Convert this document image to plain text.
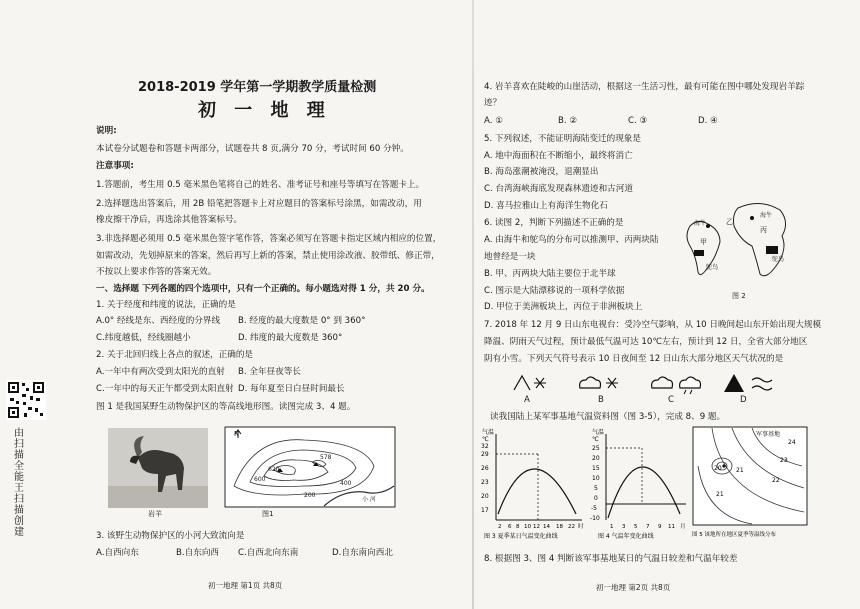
2018-2019 学年第一学期教学质量检测
初 一 地 理
说明:
本试卷分试题卷和答题卡两部分，试题卷共 8 页,满分 70 分，考试时间 60 分钟。
注意事项:
1.答题前，考生用 0.5 毫米黑色笔将自己的姓名、准考证号和座号等填写在答题卡上。
2.选择题选出答案后，用 2B 铅笔把答题卡上对应题目的答案标号涂黑，如需改动，用
橡皮擦干净后，再选涂其他答案标号。
3.非选择题必须用 0.5 毫米黑色签字笔作答，答案必须写在答题卡指定区域内相应的位置，
如需改动，先划掉原来的答案，然后再写上新的答案，禁止使用涂改液、胶带纸、修正带，
不按以上要求作答的答案无效。
一、选择题 下列各题的四个选项中，只有一个正确的。每小题选对得 1 分，共 20 分。
1. 关于经度和纬度的说法，正确的是
A.0° 经线是东、西经度的分界线 B. 经度的最大度数是 0° 到 360°
C.纬度越低，经线圈越小	D. 纬度的最大度数是 360°
2. 关于北回归线上各点的叙述，正确的是
A.一年中有两次受到太阳光的直射 B. 全年昼夜等长
C.一年中的每天正午都受到太阳直射 D. 每年夏至日白昼时间最长
图 1 是我国某野生动物保护区的等高线地形图。读图完成 3、4 题。
岩羊
N
620
578
600
400
200
小 河
图1
3. 该野生动物保护区的小河大致流向是
A.自西向东	B.自东向西 C.自西北向东南	D.自东南向西北
初一地理 第1页 共8页
由 扫描全能王 扫描创建
4. 岩羊喜欢在陡峻的山崖活动，根据这一生活习性，最有可能在图中哪处发现岩羊踪
迹？
A. ①	B. ②	C. ③	D. ④
5. 下列叙述，不能证明海陆变迁的现象是
A. 地中海面积在不断缩小，最终将消亡
B. 海岛涨潮被淹没，退潮显出
C. 台湾海峡海底发现森林遗迹和古河道
D. 喜马拉雅山上有海洋生物化石
6. 读图 2，判断下列描述不正确的是
A. 由海牛和鸵鸟的分布可以推测甲、丙两块陆
地曾经是一块
B. 甲、丙两块大陆主要位于北半球
C. 图示是大陆漂移说的一项科学依据
D. 甲位于美洲板块上，丙位于非洲板块上
海牛
甲
鸵鸟
乙
丙
海牛
鸵鸟
图 2
7. 2018 年 12 月 9 日山东电视台：受冷空气影响，从 10 日晚间起山东开始出现大规模
降温、阴雨天气过程，预计最低气温可达 10℃左右，预计到 12 日，全省大部分地区
阴有小雪。下列天气符号表示 10 日夜间至 12 日山东大部分地区天气状况的是
A	B	C	D
读我国陆上某军事基地气温资料图（图 3-5），完成 8、9 题。
气温
℃
32
29
26
23
20
17
2 6 8 10 12 14 18 22 时
图 3 夏季某日气温变化曲线
气温
℃
25
20
15
10
5
0
-5
-10
1 3 5 7 9 11 月
图 4 气温年变化曲线
军事基地
24
23
22
21
20
21
图 5 该地所在地区夏季等温线分布
8. 根据图 3、图 4 判断该军事基地某日的气温日较差和气温年较差
初一地理 第2页 共8页
